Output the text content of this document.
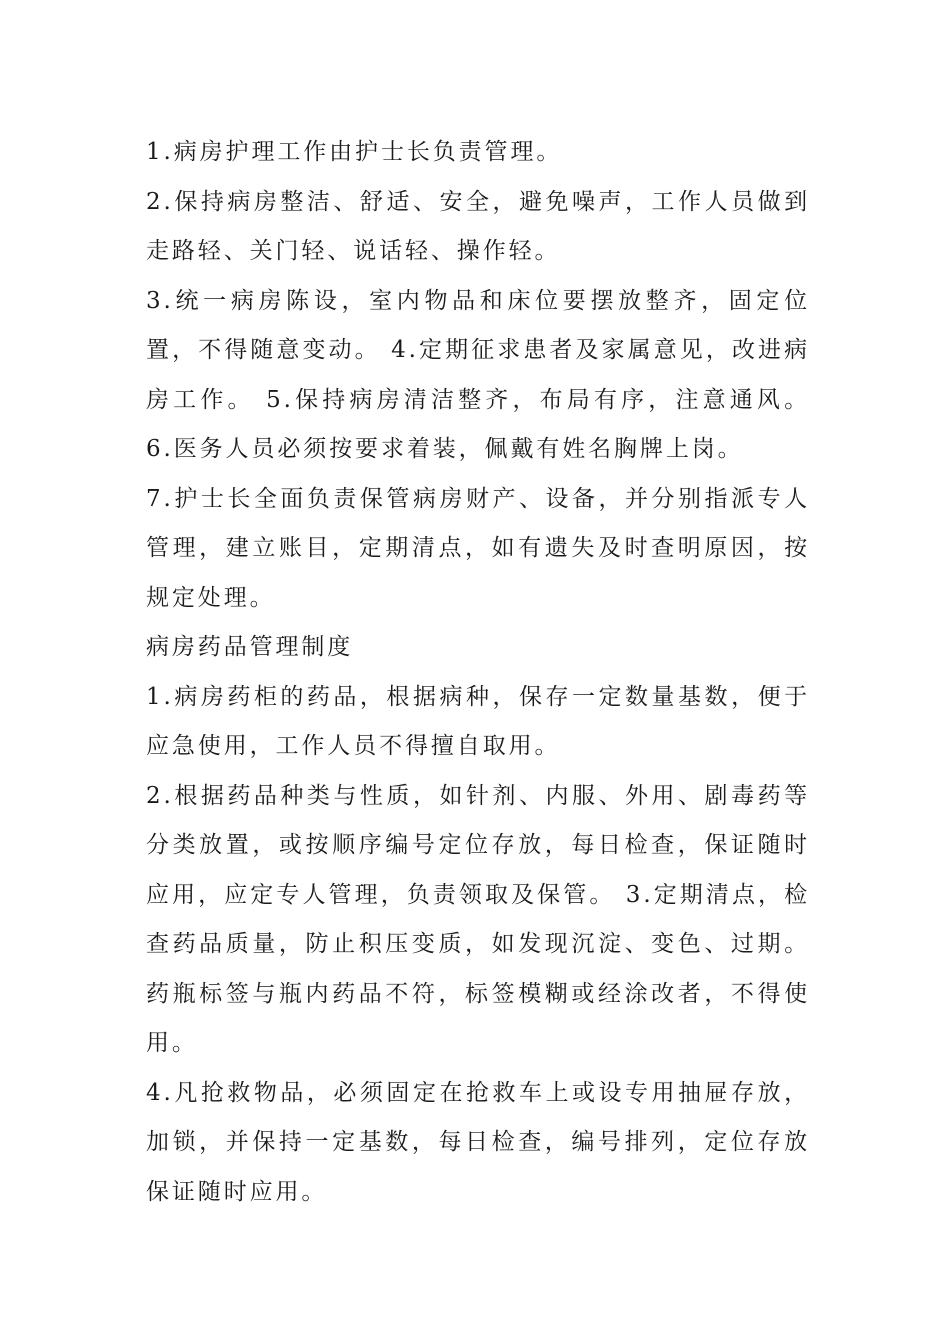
1.病房护理工作由护士长负责管理。

2.保持病房整洁、舒适、安全，避免噪声，工作人员做到走路轻、关门轻、说话轻、操作轻。

3.统一病房陈设，室内物品和床位要摆放整齐，固定位置，不得随意变动。 4.定期征求患者及家属意见，改进病房工作。 5.保持病房清洁整齐，布局有序，注意通风。 6.医务人员必须按要求着装，佩戴有姓名胸牌上岗。

7.护士长全面负责保管病房财产、设备，并分别指派专人管理，建立账目，定期清点，如有遗失及时查明原因，按规定处理。

病房药品管理制度

1.病房药柜的药品，根据病种，保存一定数量基数，便于应急使用，工作人员不得擅自取用。

2.根据药品种类与性质，如针剂、内服、外用、剧毒药等分类放置，或按顺序编号定位存放，每日检查，保证随时应用，应定专人管理，负责领取及保管。 3.定期清点，检查药品质量，防止积压变质，如发现沉淀、变色、过期。药瓶标签与瓶内药品不符，标签模糊或经涂改者，不得使用。

4.凡抢救物品，必须固定在抢救车上或设专用抽屉存放，加锁，并保持一定基数，每日检查，编号排列，定位存放保证随时应用。
